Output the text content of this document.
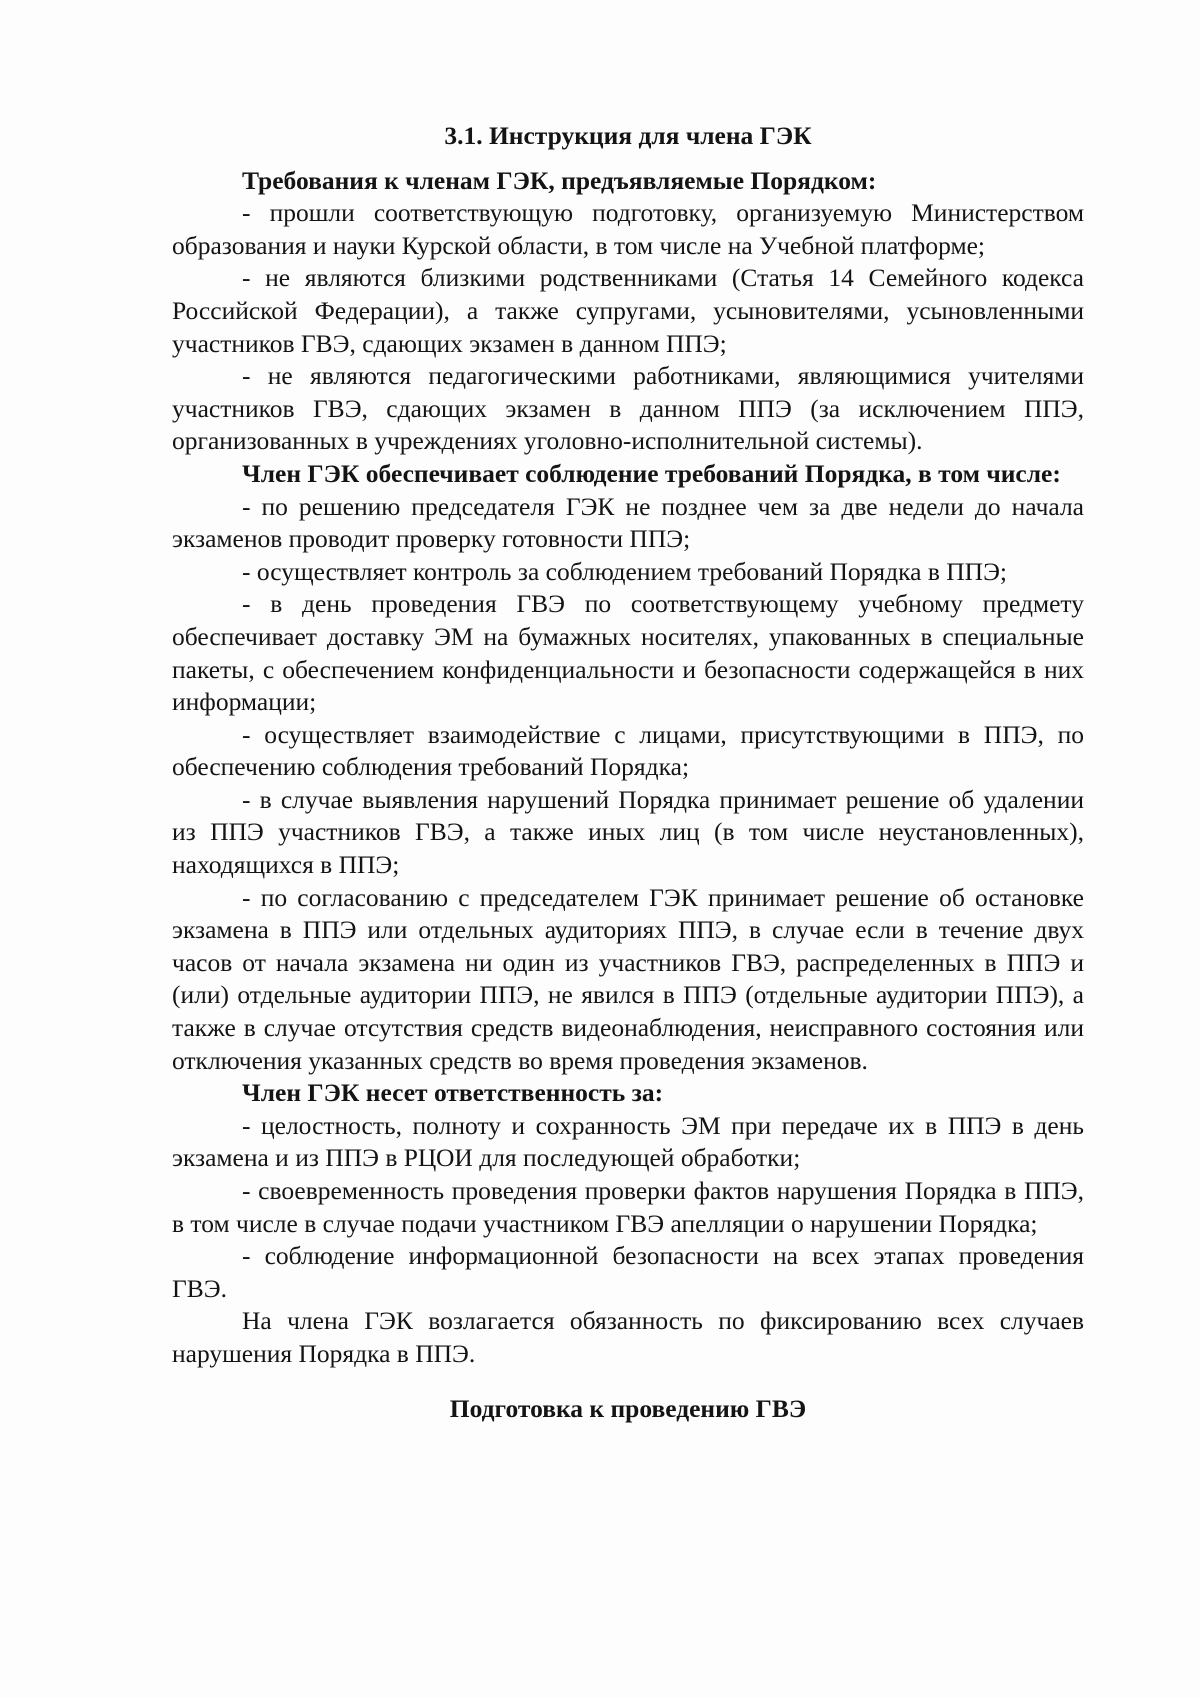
3.1. Инструкция для члена ГЭК
Требования к членам ГЭК, предъявляемые Порядком:
- прошли соответствующую подготовку, организуемую Министерством образования и науки Курской области, в том числе на Учебной платформе;
- не являются близкими родственниками (Статья 14 Семейного кодекса Российской Федерации), а также супругами, усыновителями, усыновленными участников ГВЭ, сдающих экзамен в данном ППЭ;
- не являются педагогическими работниками, являющимися учителями участников ГВЭ, сдающих экзамен в данном ППЭ (за исключением ППЭ, организованных в учреждениях уголовно-исполнительной системы).
Член ГЭК обеспечивает соблюдение требований Порядка, в том числе:
- по решению председателя ГЭК не позднее чем за две недели до начала экзаменов проводит проверку готовности ППЭ;
- осуществляет контроль за соблюдением требований Порядка в ППЭ;
- в день проведения ГВЭ по соответствующему учебному предмету обеспечивает доставку ЭМ на бумажных носителях, упакованных в специальные пакеты, с обеспечением конфиденциальности и безопасности содержащейся в них информации;
- осуществляет взаимодействие с лицами, присутствующими в ППЭ, по обеспечению соблюдения требований Порядка;
- в случае выявления нарушений Порядка принимает решение об удалении из ППЭ участников ГВЭ, а также иных лиц (в том числе неустановленных), находящихся в ППЭ;
- по согласованию с председателем ГЭК принимает решение об остановке экзамена в ППЭ или отдельных аудиториях ППЭ, в случае если в течение двух часов от начала экзамена ни один из участников ГВЭ, распределенных в ППЭ и (или) отдельные аудитории ППЭ, не явился в ППЭ (отдельные аудитории ППЭ), а также в случае отсутствия средств видеонаблюдения, неисправного состояния или отключения указанных средств во время проведения экзаменов.
Член ГЭК несет ответственность за:
- целостность, полноту и сохранность ЭМ при передаче их в ППЭ в день экзамена и из ППЭ в РЦОИ для последующей обработки;
- своевременность проведения проверки фактов нарушения Порядка в ППЭ, в том числе в случае подачи участником ГВЭ апелляции о нарушении Порядка;
- соблюдение информационной безопасности на всех этапах проведения ГВЭ.
На члена ГЭК возлагается обязанность по фиксированию всех случаев нарушения Порядка в ППЭ.
Подготовка к проведению ГВЭ
